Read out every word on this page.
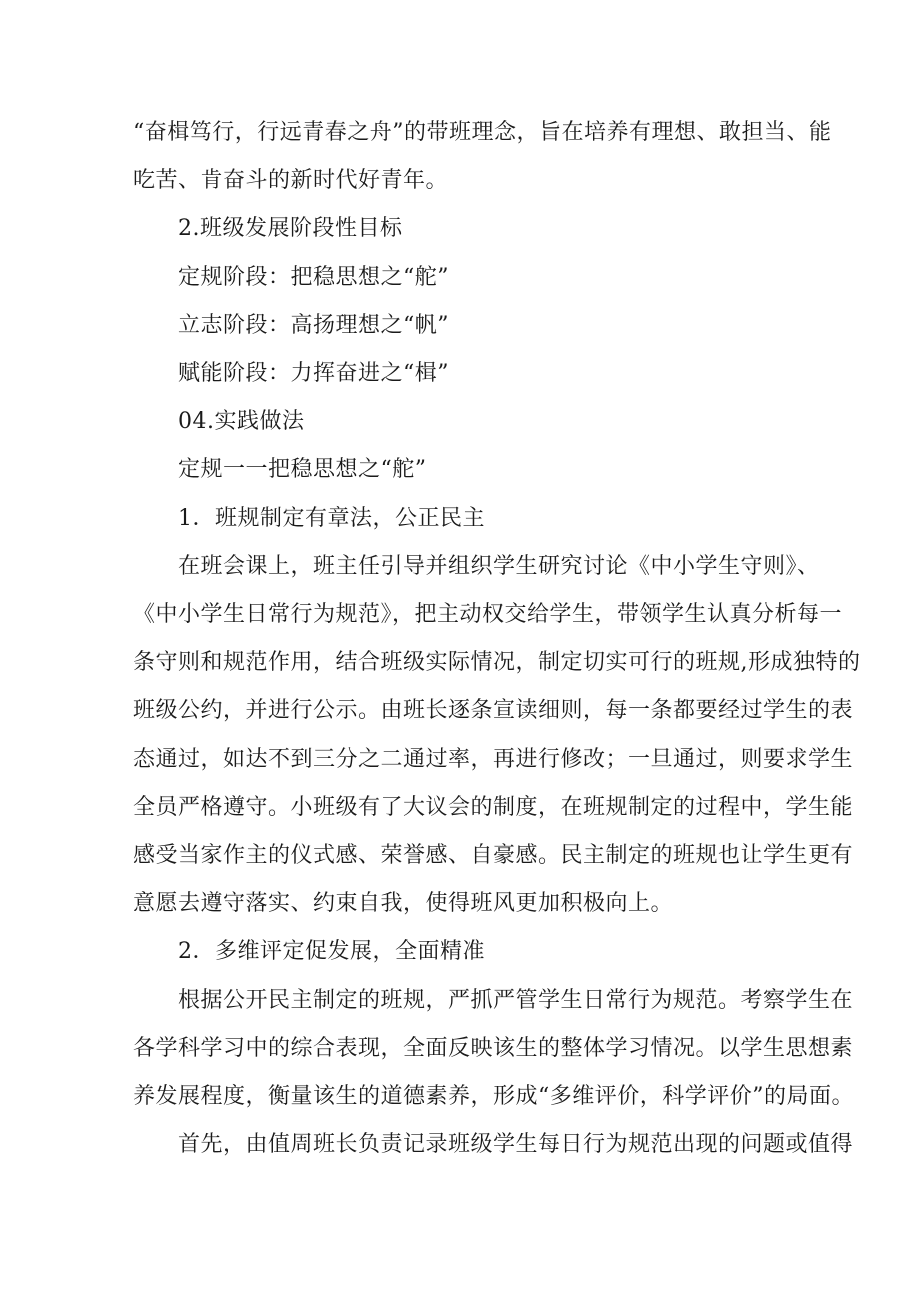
“奋楫笃行，行远青春之舟”的带班理念，旨在培养有理想、敢担当、能
吃苦、肯奋斗的新时代好青年。
2.班级发展阶段性目标
定规阶段：把稳思想之“舵”
立志阶段：高扬理想之“帆”
赋能阶段：力挥奋进之“楫”
04.实践做法
定规一一把稳思想之“舵”
1．班规制定有章法，公正民主
在班会课上，班主任引导并组织学生研究讨论《中小学生守则》、
《中小学生日常行为规范》，把主动权交给学生，带领学生认真分析每一
条守则和规范作用，结合班级实际情况，制定切实可行的班规,形成独特的
班级公约，并进行公示。由班长逐条宣读细则，每一条都要经过学生的表
态通过，如达不到三分之二通过率，再进行修改；一旦通过，则要求学生
全员严格遵守。小班级有了大议会的制度，在班规制定的过程中，学生能
感受当家作主的仪式感、荣誉感、自豪感。民主制定的班规也让学生更有
意愿去遵守落实、约束自我，使得班风更加积极向上。
2．多维评定促发展，全面精准
根据公开民主制定的班规，严抓严管学生日常行为规范。考察学生在
各学科学习中的综合表现，全面反映该生的整体学习情况。以学生思想素
养发展程度，衡量该生的道德素养，形成“多维评价，科学评价”的局面。
首先，由值周班长负责记录班级学生每日行为规范出现的问题或值得
